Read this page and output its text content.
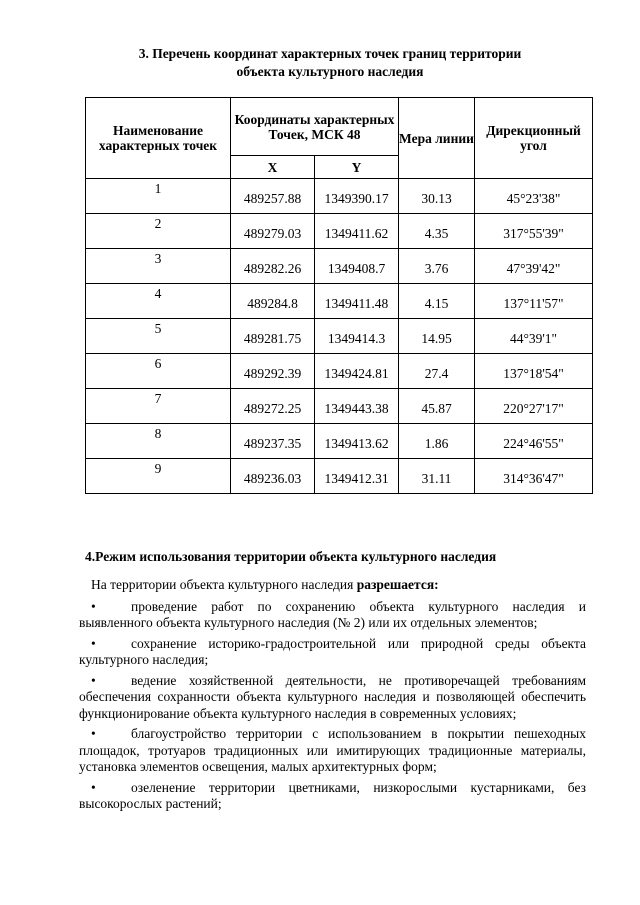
3. Перечень координат характерных точек границ территории
объекта культурного наследия
Наименование характерных точек	Координаты характерных Точек, МСК 48		Мера линии	Дирекционный угол
	X	Y		
1	489257.88	1349390.17	30.13	45°23'38"
2	489279.03	1349411.62	4.35	317°55'39"
3	489282.26	1349408.7	3.76	47°39'42"
4	489284.8	1349411.48	4.15	137°11'57"
5	489281.75	1349414.3	14.95	44°39'1"
6	489292.39	1349424.81	27.4	137°18'54"
7	489272.25	1349443.38	45.87	220°27'17"
8	489237.35	1349413.62	1.86	224°46'55"
9	489236.03	1349412.31	31.11	314°36'47"
4.Режим использования территории объекта культурного наследия
На территории объекта культурного наследия разрешается:
•	проведение работ по сохранению объекта культурного наследия и выявленного объекта культурного наследия (№ 2) или их отдельных элементов;
•	сохранение историко-градостроительной или природной среды объекта культурного наследия;
•	ведение хозяйственной деятельности, не противоречащей требованиям обеспечения сохранности объекта культурного наследия и позволяющей обеспечить функционирование объекта культурного наследия в современных условиях;
•	благоустройство территории с использованием в покрытии пешеходных площадок, тротуаров традиционных или имитирующих традиционные материалы, установка элементов освещения, малых архитектурных форм;
•	озеленение территории цветниками, низкорослыми кустарниками, без высокорослых растений;
